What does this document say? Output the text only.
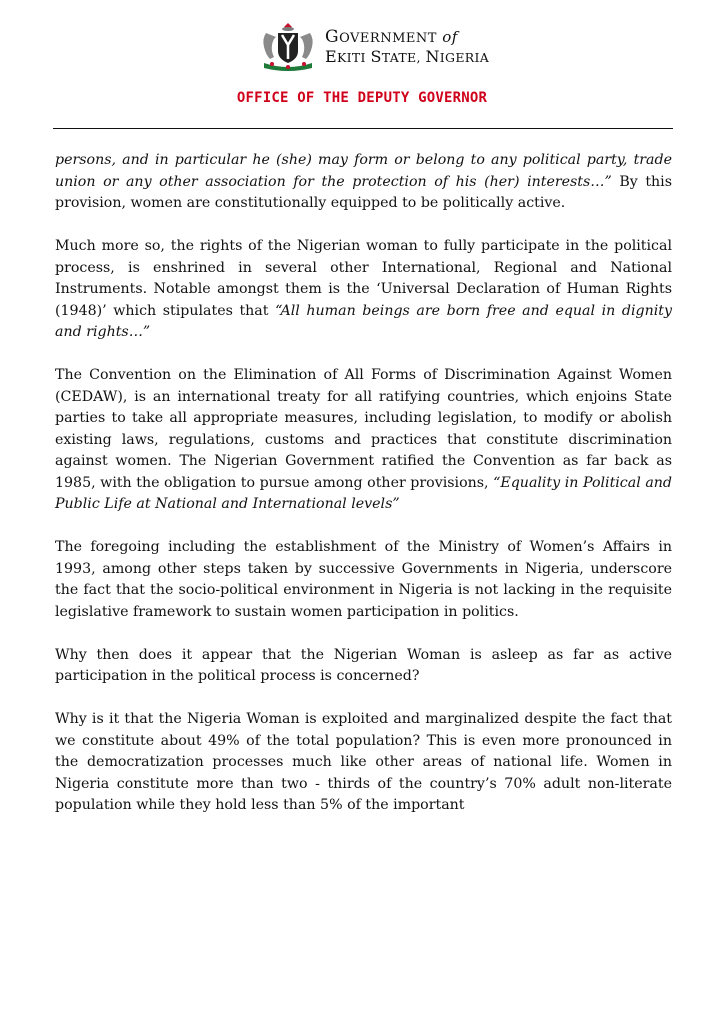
GOVERNMENT of
EKITI STATE, NIGERIA
OFFICE OF THE DEPUTY GOVERNOR

persons, and in particular he (she) may form or belong to any political party, trade union or any other association for the protection of his (her) interests…” By this provision, women are constitutionally equipped to be politically active.

Much more so, the rights of the Nigerian woman to fully participate in the political process, is enshrined in several other International, Regional and National Instruments. Notable amongst them is the ‘Universal Declaration of Human Rights (1948)’ which stipulates that “All human beings are born free and equal in dignity and rights…”

The Convention on the Elimination of All Forms of Discrimination Against Women (CEDAW), is an international treaty for all ratifying countries, which enjoins State parties to take all appropriate measures, including legislation, to modify or abolish existing laws, regulations, customs and practices that constitute discrimination against women. The Nigerian Government ratified the Convention as far back as 1985, with the obligation to pursue among other provisions, “Equality in Political and Public Life at National and International levels”

The foregoing including the establishment of the Ministry of Women’s Affairs in 1993, among other steps taken by successive Governments in Nigeria, underscore the fact that the socio-political environment in Nigeria is not lacking in the requisite legislative framework to sustain women participation in politics.

Why then does it appear that the Nigerian Woman is asleep as far as active participation in the political process is concerned?

Why is it that the Nigeria Woman is exploited and marginalized despite the fact that we constitute about 49% of the total population? This is even more pronounced in the democratization processes much like other areas of national life. Women in Nigeria constitute more than two - thirds of the country’s 70% adult non-literate population while they hold less than 5% of the important
